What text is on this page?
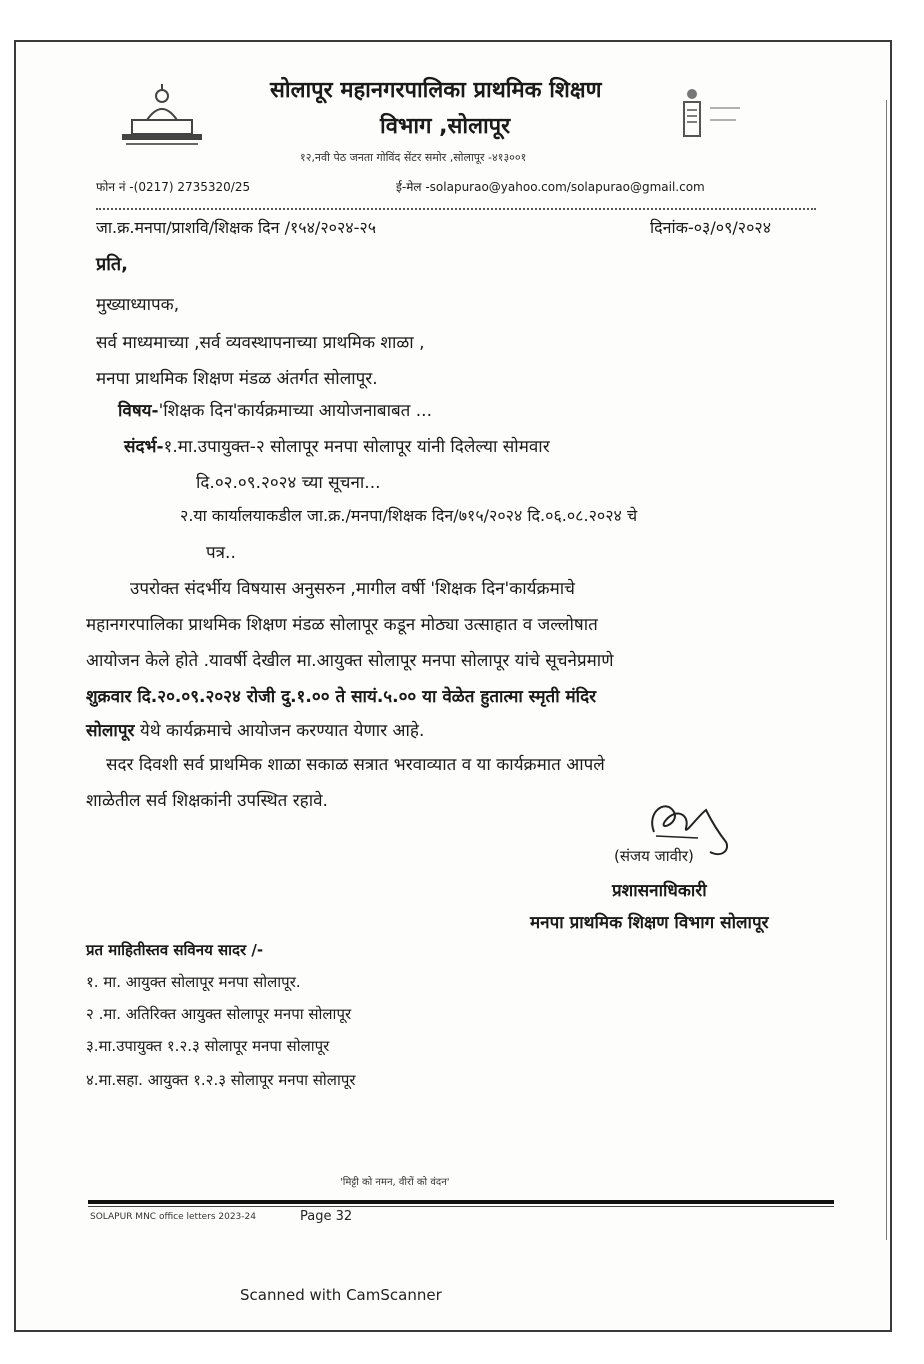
सोलापूर महानगरपालिका प्राथमिक शिक्षण
विभाग ,सोलापूर
१२,नवी पेठ जनता गोविंद सेंटर समोर ,सोलापूर -४१३००१
फोन नं -(0217) 2735320/25	ई-मेल -solapurao@yahoo.com/solapurao@gmail.com
जा.क्र.मनपा/प्राशवि/शिक्षक दिन /१५४/२०२४-२५	दिनांक-०३/०९/२०२४
प्रति,
मुख्याध्यापक,
सर्व माध्यमाच्या ,सर्व व्यवस्थापनाच्या प्राथमिक शाळा ,
मनपा प्राथमिक शिक्षण मंडळ अंतर्गत सोलापूर.
विषय-'शिक्षक दिन'कार्यक्रमाच्या आयोजनाबाबत ...
संदर्भ-१.मा.उपायुक्त-२ सोलापूर मनपा सोलापूर यांनी दिलेल्या सोमवार
दि.०२.०९.२०२४ च्या सूचना...
२.या कार्यालयाकडील जा.क्र./मनपा/शिक्षक दिन/७१५/२०२४ दि.०६.०८.२०२४ चे
पत्र..
उपरोक्त संदर्भीय विषयास अनुसरुन ,मागील वर्षी 'शिक्षक दिन'कार्यक्रमाचे
महानगरपालिका प्राथमिक शिक्षण मंडळ सोलापूर कडून मोठ्या उत्साहात व जल्लोषात
आयोजन केले होते .यावर्षी देखील मा.आयुक्त सोलापूर मनपा सोलापूर यांचे सूचनेप्रमाणे
शुक्रवार दि.२०.०९.२०२४ रोजी दु.१.०० ते सायं.५.०० या वेळेत हुतात्मा स्मृती मंदिर
सोलापूर येथे कार्यक्रमाचे आयोजन करण्यात येणार आहे.
सदर दिवशी सर्व प्राथमिक शाळा सकाळ सत्रात भरवाव्यात व या कार्यक्रमात आपले
शाळेतील सर्व शिक्षकांनी उपस्थित रहावे.
(संजय जावीर)
प्रशासनाधिकारी
मनपा प्राथमिक शिक्षण विभाग सोलापूर
प्रत माहितीस्तव सविनय सादर /-
१. मा. आयुक्त सोलापूर मनपा सोलापूर.
२ .मा. अतिरिक्त आयुक्त सोलापूर मनपा सोलापूर
३.मा.उपायुक्त १.२.३ सोलापूर मनपा सोलापूर
४.मा.सहा. आयुक्त १.२.३ सोलापूर मनपा सोलापूर
'मिट्टी को नमन, वीरों को वंदन'
SOLAPUR MNC office letters 2023-24	Page 32
Scanned with CamScanner
